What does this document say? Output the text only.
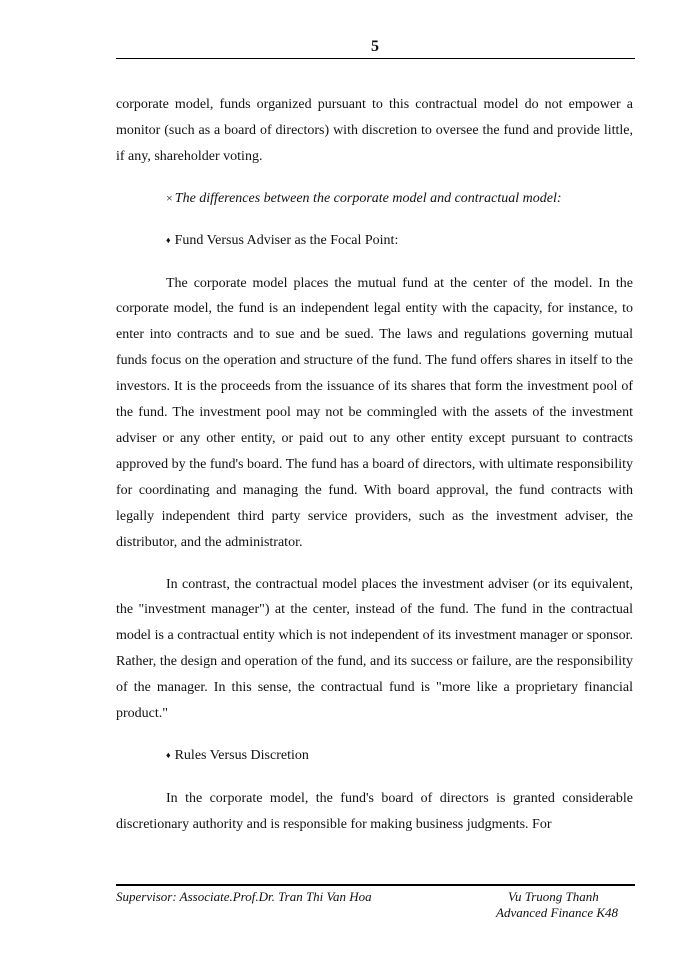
5

corporate model, funds organized pursuant to this contractual model do not empower a monitor (such as a board of directors) with discretion to oversee the fund and provide little, if any, shareholder voting.

× The differences between the corporate model and contractual model:

♦ Fund Versus Adviser as the Focal Point:

The corporate model places the mutual fund at the center of the model. In the corporate model, the fund is an independent legal entity with the capacity, for instance, to enter into contracts and to sue and be sued. The laws and regulations governing mutual funds focus on the operation and structure of the fund. The fund offers shares in itself to the investors. It is the proceeds from the issuance of its shares that form the investment pool of the fund. The investment pool may not be commingled with the assets of the investment adviser or any other entity, or paid out to any other entity except pursuant to contracts approved by the fund's board. The fund has a board of directors, with ultimate responsibility for coordinating and managing the fund. With board approval, the fund contracts with legally independent third party service providers, such as the investment adviser, the distributor, and the administrator.

In contrast, the contractual model places the investment adviser (or its equivalent, the "investment manager") at the center, instead of the fund. The fund in the contractual model is a contractual entity which is not independent of its investment manager or sponsor. Rather, the design and operation of the fund, and its success or failure, are the responsibility of the manager. In this sense, the contractual fund is "more like a proprietary financial product."

♦ Rules Versus Discretion

In the corporate model, the fund's board of directors is granted considerable discretionary authority and is responsible for making business judgments. For

Supervisor: Associate.Prof.Dr. Tran Thi Van Hoa	Vu Truong Thanh
Advanced Finance K48
